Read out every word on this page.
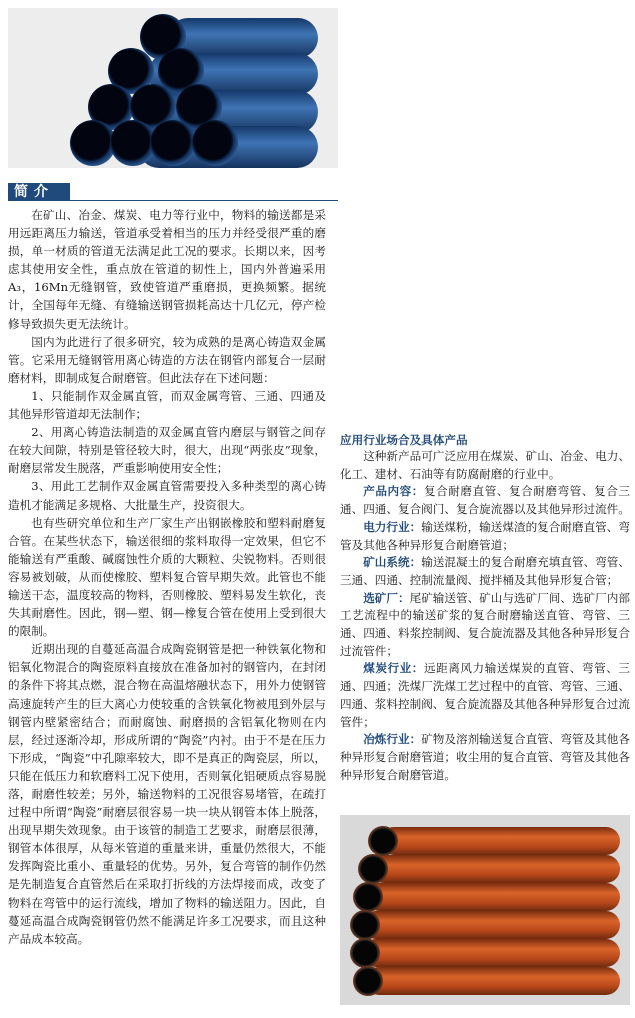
简介

在矿山、冶金、煤炭、电力等行业中，物料的输送都是采用远距离压力输送，管道承受着相当的压力并经受很严重的磨损，单一材质的管道无法满足此工况的要求。长期以来，因考虑其使用安全性，重点放在管道的韧性上，国内外普遍采用A₃，16Mn无缝钢管，致使管道严重磨损，更换频繁。据统计，全国每年无缝、有缝输送钢管损耗高达十几亿元，停产检修导致损失更无法统计。

国内为此进行了很多研究，较为成熟的是离心铸造双金属管。它采用无缝钢管用离心铸造的方法在钢管内部复合一层耐磨材料，即制成复合耐磨管。但此法存在下述问题：

1、只能制作双金属直管，而双金属弯管、三通、四通及其他异形管道却无法制作；

2、用离心铸造法制造的双金属直管内磨层与钢管之间存在较大间隙，特别是管径较大时，很大，出现“两张皮”现象，耐磨层常发生脱落，严重影响使用安全性；

3、用此工艺制作双金属直管需要投入多种类型的离心铸造机才能满足多规格、大批量生产，投资很大。

也有些研究单位和生产厂家生产出钢嵌橡胶和塑料耐磨复合管。在某些状态下，输送很细的浆料取得一定效果，但它不能输送有严重酸、碱腐蚀性介质的大颗粒、尖锐物料。否则很容易被划破，从而使橡胶、塑料复合管早期失效。此管也不能输送干态，温度较高的物料，否则橡胶、塑料易发生软化，丧失其耐磨性。因此，钢—塑、钢—橡复合管在使用上受到很大的限制。

近期出现的自蔓延高温合成陶瓷钢管是把一种铁氧化物和铝氧化物混合的陶瓷原料直接放在准备加衬的钢管内，在封闭的条件下将其点燃，混合物在高温熔融状态下，用外力使钢管高速旋转产生的巨大离心力使较重的含铁氧化物被甩到外层与钢管内壁紧密结合；而耐腐蚀、耐磨损的含铝氧化物则在内层，经过逐渐冷却，形成所谓的“陶瓷”内衬。由于不是在压力下形成，“陶瓷”中孔隙率较大，即不是真正的陶瓷层，所以，只能在低压力和软磨料工况下使用，否则氧化铝硬质点容易脱落，耐磨性较差；另外，输送物料的工况很容易堵管，在疏打过程中所谓“陶瓷”耐磨层很容易一块一块从钢管本体上脱落，出现早期失效现象。由于该管的制造工艺要求，耐磨层很薄，钢管本体很厚，从每米管道的重量来讲，重量仍然很大，不能发挥陶瓷比重小、重量轻的优势。另外，复合弯管的制作仍然是先制造复合直管然后在采取打折线的方法焊接而成，改变了物料在弯管中的运行流线，增加了物料的输送阻力。因此，自蔓延高温合成陶瓷钢管仍然不能满足许多工况要求，而且这种产品成本较高。

应用行业场合及具体产品

这种新产品可广泛应用在煤炭、矿山、冶金、电力、化工、建材、石油等有防腐耐磨的行业中。

产品内容：复合耐磨直管、复合耐磨弯管、复合三通、四通、复合阀门、复合旋流器以及其他异形过流件。

电力行业：输送煤粉，输送煤渣的复合耐磨直管、弯管及其他各种异形复合耐磨管道；

矿山系统：输送混凝土的复合耐磨充填直管、弯管、三通、四通、控制流量阀、搅拌桶及其他异形复合管；

选矿厂：尾矿输送管、矿山与选矿厂间、选矿厂内部工艺流程中的输送矿浆的复合耐磨输送直管、弯管、三通、四通、料浆控制阀、复合旋流器及其他各种异形复合过流管件；

煤炭行业：远距离风力输送煤炭的直管、弯管、三通、四通；洗煤厂洗煤工艺过程中的直管、弯管、三通、四通、浆料控制阀、复合旋流器及其他各种异形复合过流管件；

冶炼行业：矿物及溶剂输送复合直管、弯管及其他各种异形复合耐磨管道；收尘用的复合直管、弯管及其他各种异形复合耐磨管道。
